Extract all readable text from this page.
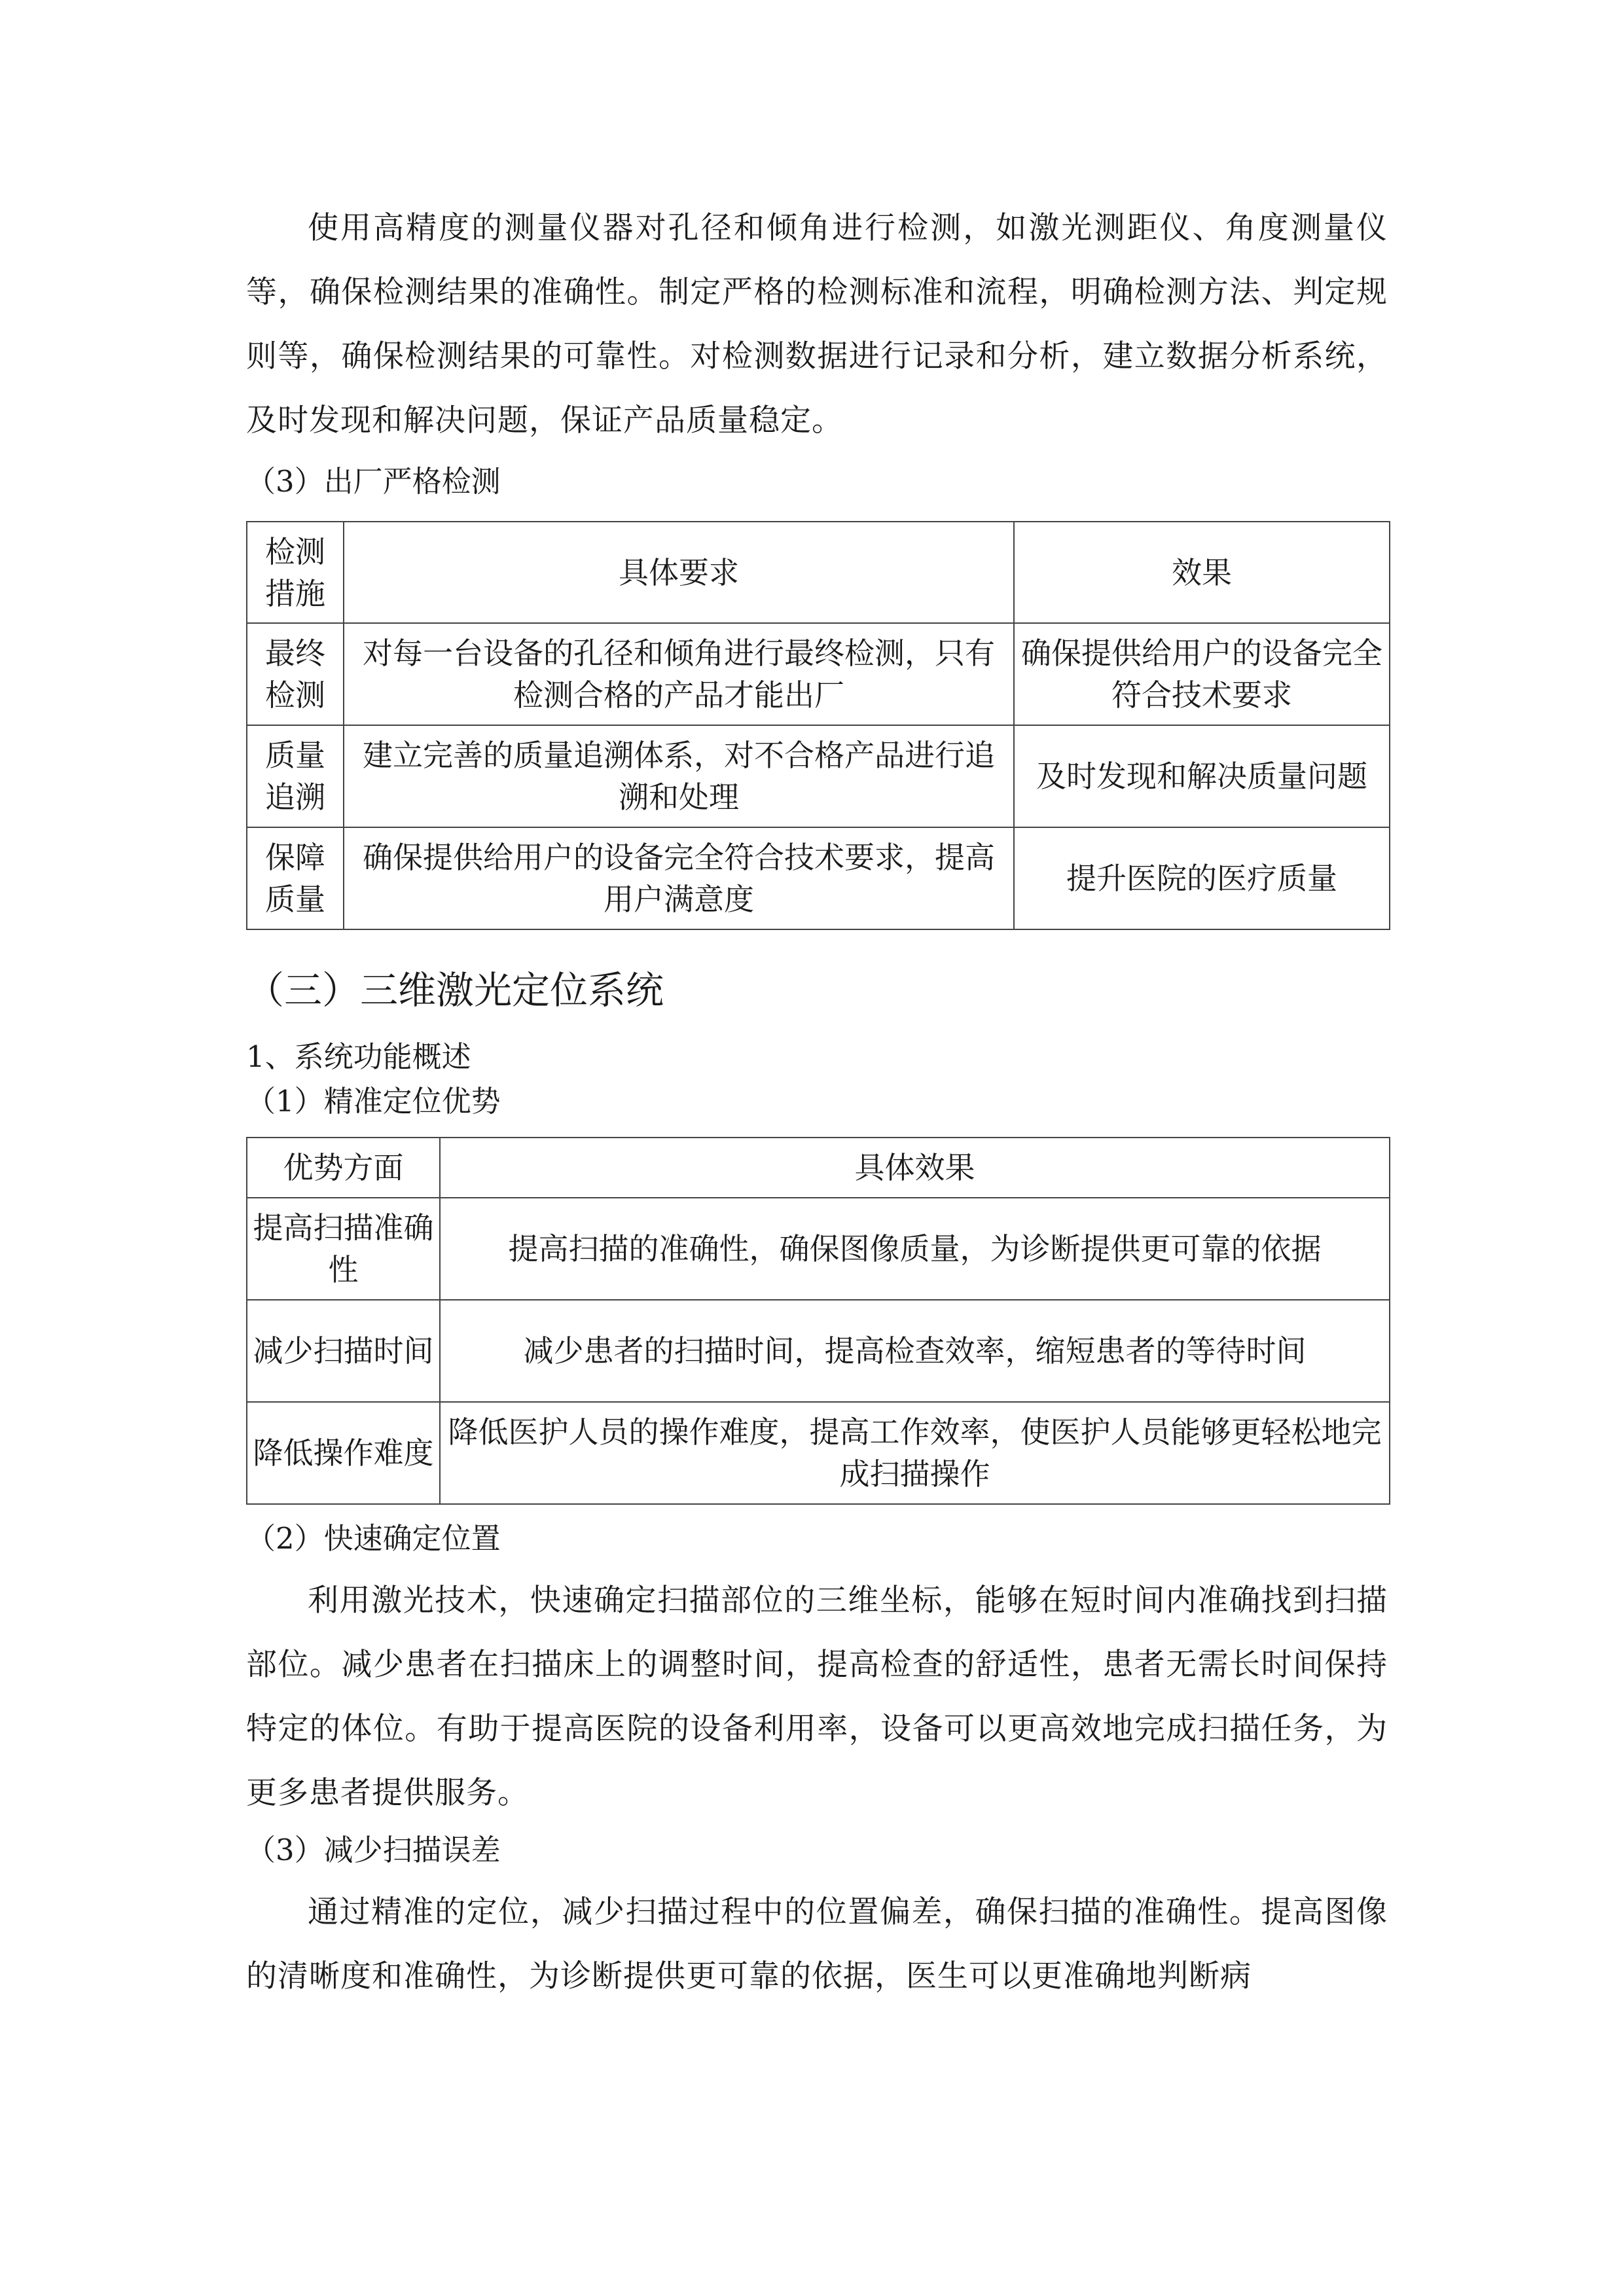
使用高精度的测量仪器对孔径和倾角进行检测，如激光测距仪、角度测量仪等，确保检测结果的准确性。制定严格的检测标准和流程，明确检测方法、判定规则等，确保检测结果的可靠性。对检测数据进行记录和分析，建立数据分析系统，及时发现和解决问题，保证产品质量稳定。

（3）出厂严格检测

检测措施	具体要求	效果
最终检测	对每一台设备的孔径和倾角进行最终检测，只有检测合格的产品才能出厂	确保提供给用户的设备完全符合技术要求
质量追溯	建立完善的质量追溯体系，对不合格产品进行追溯和处理	及时发现和解决质量问题
保障质量	确保提供给用户的设备完全符合技术要求，提高用户满意度	提升医院的医疗质量

（三）三维激光定位系统

1、系统功能概述

（1）精准定位优势

优势方面	具体效果
提高扫描准确性	提高扫描的准确性，确保图像质量，为诊断提供更可靠的依据
减少扫描时间	减少患者的扫描时间，提高检查效率，缩短患者的等待时间
降低操作难度	降低医护人员的操作难度，提高工作效率，使医护人员能够更轻松地完成扫描操作

（2）快速确定位置

利用激光技术，快速确定扫描部位的三维坐标，能够在短时间内准确找到扫描部位。减少患者在扫描床上的调整时间，提高检查的舒适性，患者无需长时间保持特定的体位。有助于提高医院的设备利用率，设备可以更高效地完成扫描任务，为更多患者提供服务。

（3）减少扫描误差

通过精准的定位，减少扫描过程中的位置偏差，确保扫描的准确性。提高图像的清晰度和准确性，为诊断提供更可靠的依据，医生可以更准确地判断病
